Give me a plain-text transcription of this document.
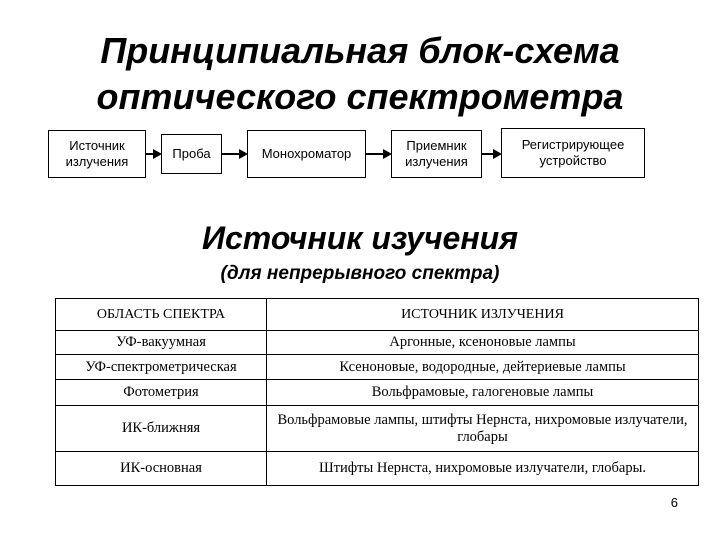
Принципиальная блок-схема
оптического спектрометра
Источник излучения
Проба	Монохроматор
Приемник излучения
Регистрирующее устройство
Источник изучения
(для непрерывного спектра)
ОБЛАСТЬ СПЕКТРА	ИСТОЧНИК ИЗЛУЧЕНИЯ
УФ-вакуумная	Аргонные, ксеноновые лампы
УФ-спектрометрическая	Ксеноновые, водородные, дейтериевые лампы
Фотометрия	Вольфрамовые, галогеновые лампы
ИК-ближняя	Вольфрамовые лампы, штифты Нернста, нихромовые излучатели, глобары
ИК-основная	Штифты Нернста, нихромовые излучатели, глобары.
6
